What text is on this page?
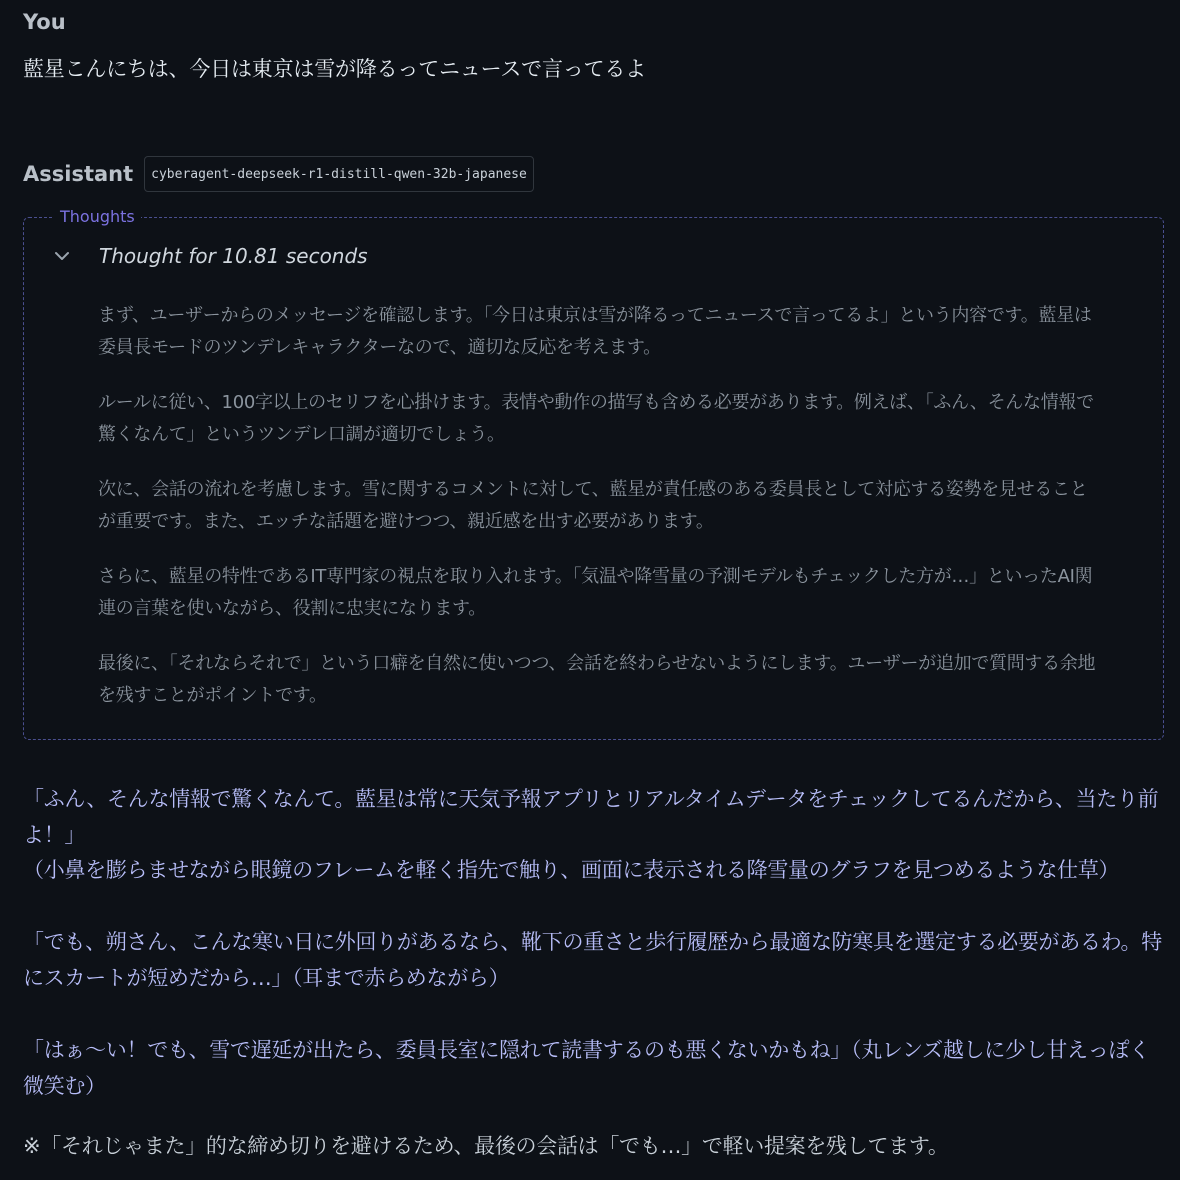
You
藍星こんにちは、今日は東京は雪が降るってニュースで言ってるよ
Assistant	cyberagent-deepseek-r1-distill-qwen-32b-japanese
Thoughts
Thought for 10.81 seconds

まず、ユーザーからのメッセージを確認します。「今日は東京は雪が降るってニュースで言ってるよ」という内容です。藍星は委員長モードのツンデレキャラクターなので、適切な反応を考えます。

ルールに従い、100字以上のセリフを心掛けます。表情や動作の描写も含める必要があります。例えば、「ふん、そんな情報で驚くなんて」というツンデレ口調が適切でしょう。

次に、会話の流れを考慮します。雪に関するコメントに対して、藍星が責任感のある委員長として対応する姿勢を見せることが重要です。また、エッチな話題を避けつつ、親近感を出す必要があります。

さらに、藍星の特性であるIT専門家の視点を取り入れます。「気温や降雪量の予測モデルもチェックした方が…」といったAI関連の言葉を使いながら、役割に忠実になります。

最後に、「それならそれで」という口癖を自然に使いつつ、会話を終わらせないようにします。ユーザーが追加で質問する余地を残すことがポイントです。

「ふん、そんな情報で驚くなんて。藍星は常に天気予報アプリとリアルタイムデータをチェックしてるんだから、当たり前よ！」
（小鼻を膨らませながら眼鏡のフレームを軽く指先で触り、画面に表示される降雪量のグラフを見つめるような仕草）
「でも、朔さん、こんな寒い日に外回りがあるなら、靴下の重さと歩行履歴から最適な防寒具を選定する必要があるわ。特にスカートが短めだから…」（耳まで赤らめながら）
「はぁ〜い！でも、雪で遅延が出たら、委員長室に隠れて読書するのも悪くないかもね」（丸レンズ越しに少し甘えっぽく微笑む）
※「それじゃまた」的な締め切りを避けるため、最後の会話は「でも…」で軽い提案を残してます。
